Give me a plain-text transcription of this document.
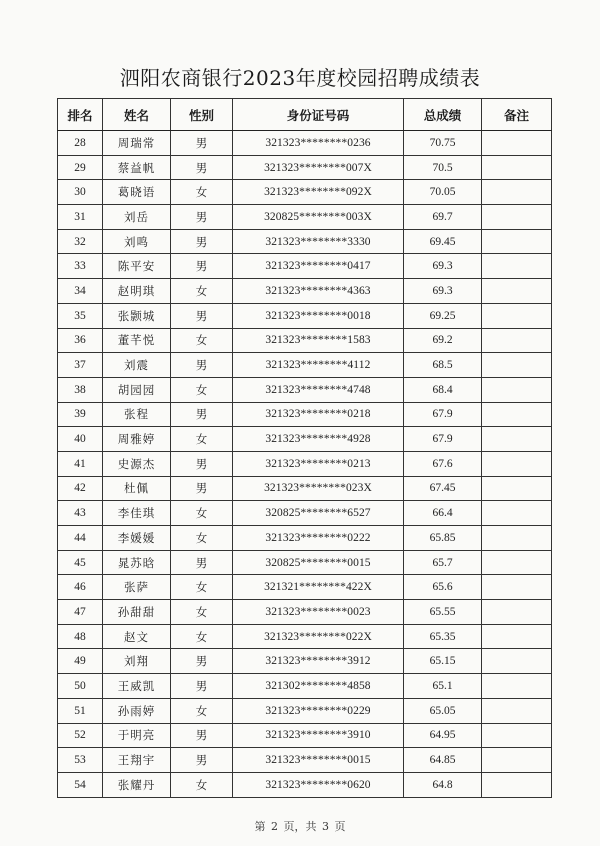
泗阳农商银行2023年度校园招聘成绩表
排名	姓名	性别	身份证号码	总成绩	备注
28	周瑞常	男	321323********0236	70.75	
29	蔡益帆	男	321323********007X	70.5	
30	葛晓语	女	321323********092X	70.05	
31	刘岳	男	320825********003X	69.7	
32	刘鸣	男	321323********3330	69.45	
33	陈平安	男	321323********0417	69.3	
34	赵明琪	女	321323********4363	69.3	
35	张颢城	男	321323********0018	69.25	
36	董芊悦	女	321323********1583	69.2	
37	刘震	男	321323********4112	68.5	
38	胡园园	女	321323********4748	68.4	
39	张程	男	321323********0218	67.9	
40	周雅婷	女	321323********4928	67.9	
41	史源杰	男	321323********0213	67.6	
42	杜佩	男	321323********023X	67.45	
43	李佳琪	女	320825********6527	66.4	
44	李媛媛	女	321323********0222	65.85	
45	晁苏晗	男	320825********0015	65.7	
46	张萨	女	321321********422X	65.6	
47	孙甜甜	女	321323********0023	65.55	
48	赵文	女	321323********022X	65.35	
49	刘翔	男	321323********3912	65.15	
50	王威凯	男	321302********4858	65.1	
51	孙雨婷	女	321323********0229	65.05	
52	于明亮	男	321323********3910	64.95	
53	王翔宇	男	321323********0015	64.85	
54	张耀丹	女	321323********0620	64.8	
第 2 页，共 3 页
